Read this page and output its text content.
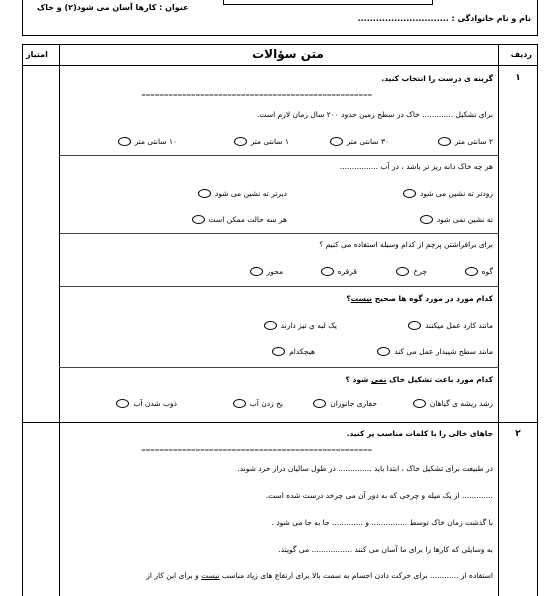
نام و نام خانوادگی : ..............................
عنوان : کارها آسان می شود(۲) و خاک
ردیف
متن سؤالات
امتیاز
۱
گزینه ی درست را انتخاب کنید.
===================================================
برای تشکیل ............. خاک در سطح زمین حدود ۲۰۰ سال زمان لازم است.
۲ سانتی متر
۳۰ سانتی متر
۱ سانتی متر
۱۰ سانتی متر
هر چه خاک دانه ریز تر باشد ، در آب ................
زودتر ته نشین می شود
دیرتر ته نشین می شود
ته نشین نمی شود
هر سه حالت ممکن است
برای برافراشتن پرچم از کدام وسیله استفاده می کنیم ؟
گوه
چرخ
قرقره
محور
کدام مورد در مورد گوه ها صحیح نیست؟
مانند کارد عمل میکنند
یک لبه ی تیز دارند
مانند سطح شیبدار عمل می کند
هیچکدام
کدام مورد باعث تشکیل خاک نمی شود ؟
رشد ریشه ی گیاهان
حفاری جانوران
یخ زدن آب
ذوب شدن آب
۲
جاهای خالی را با کلمات مناسب پر کنید.
===================================================
در طبیعت برای تشکیل خاک ، ابتدا باید .............. در طول سالیان دراز خرد شوند.
............. از یک میله و چرخی که به دور آن می چرخد درست شده است.
با گذشت زمان خاک توسط ............... و ............. جا به جا می شود .
به وسایلی که کارها را برای ما آسان می کنند ................. می گویند.
استفاده از ............ برای حرکت دادن اجسام به سمت بالا برای ارتفاع های زیاد مناسب نیست و برای این کار از
